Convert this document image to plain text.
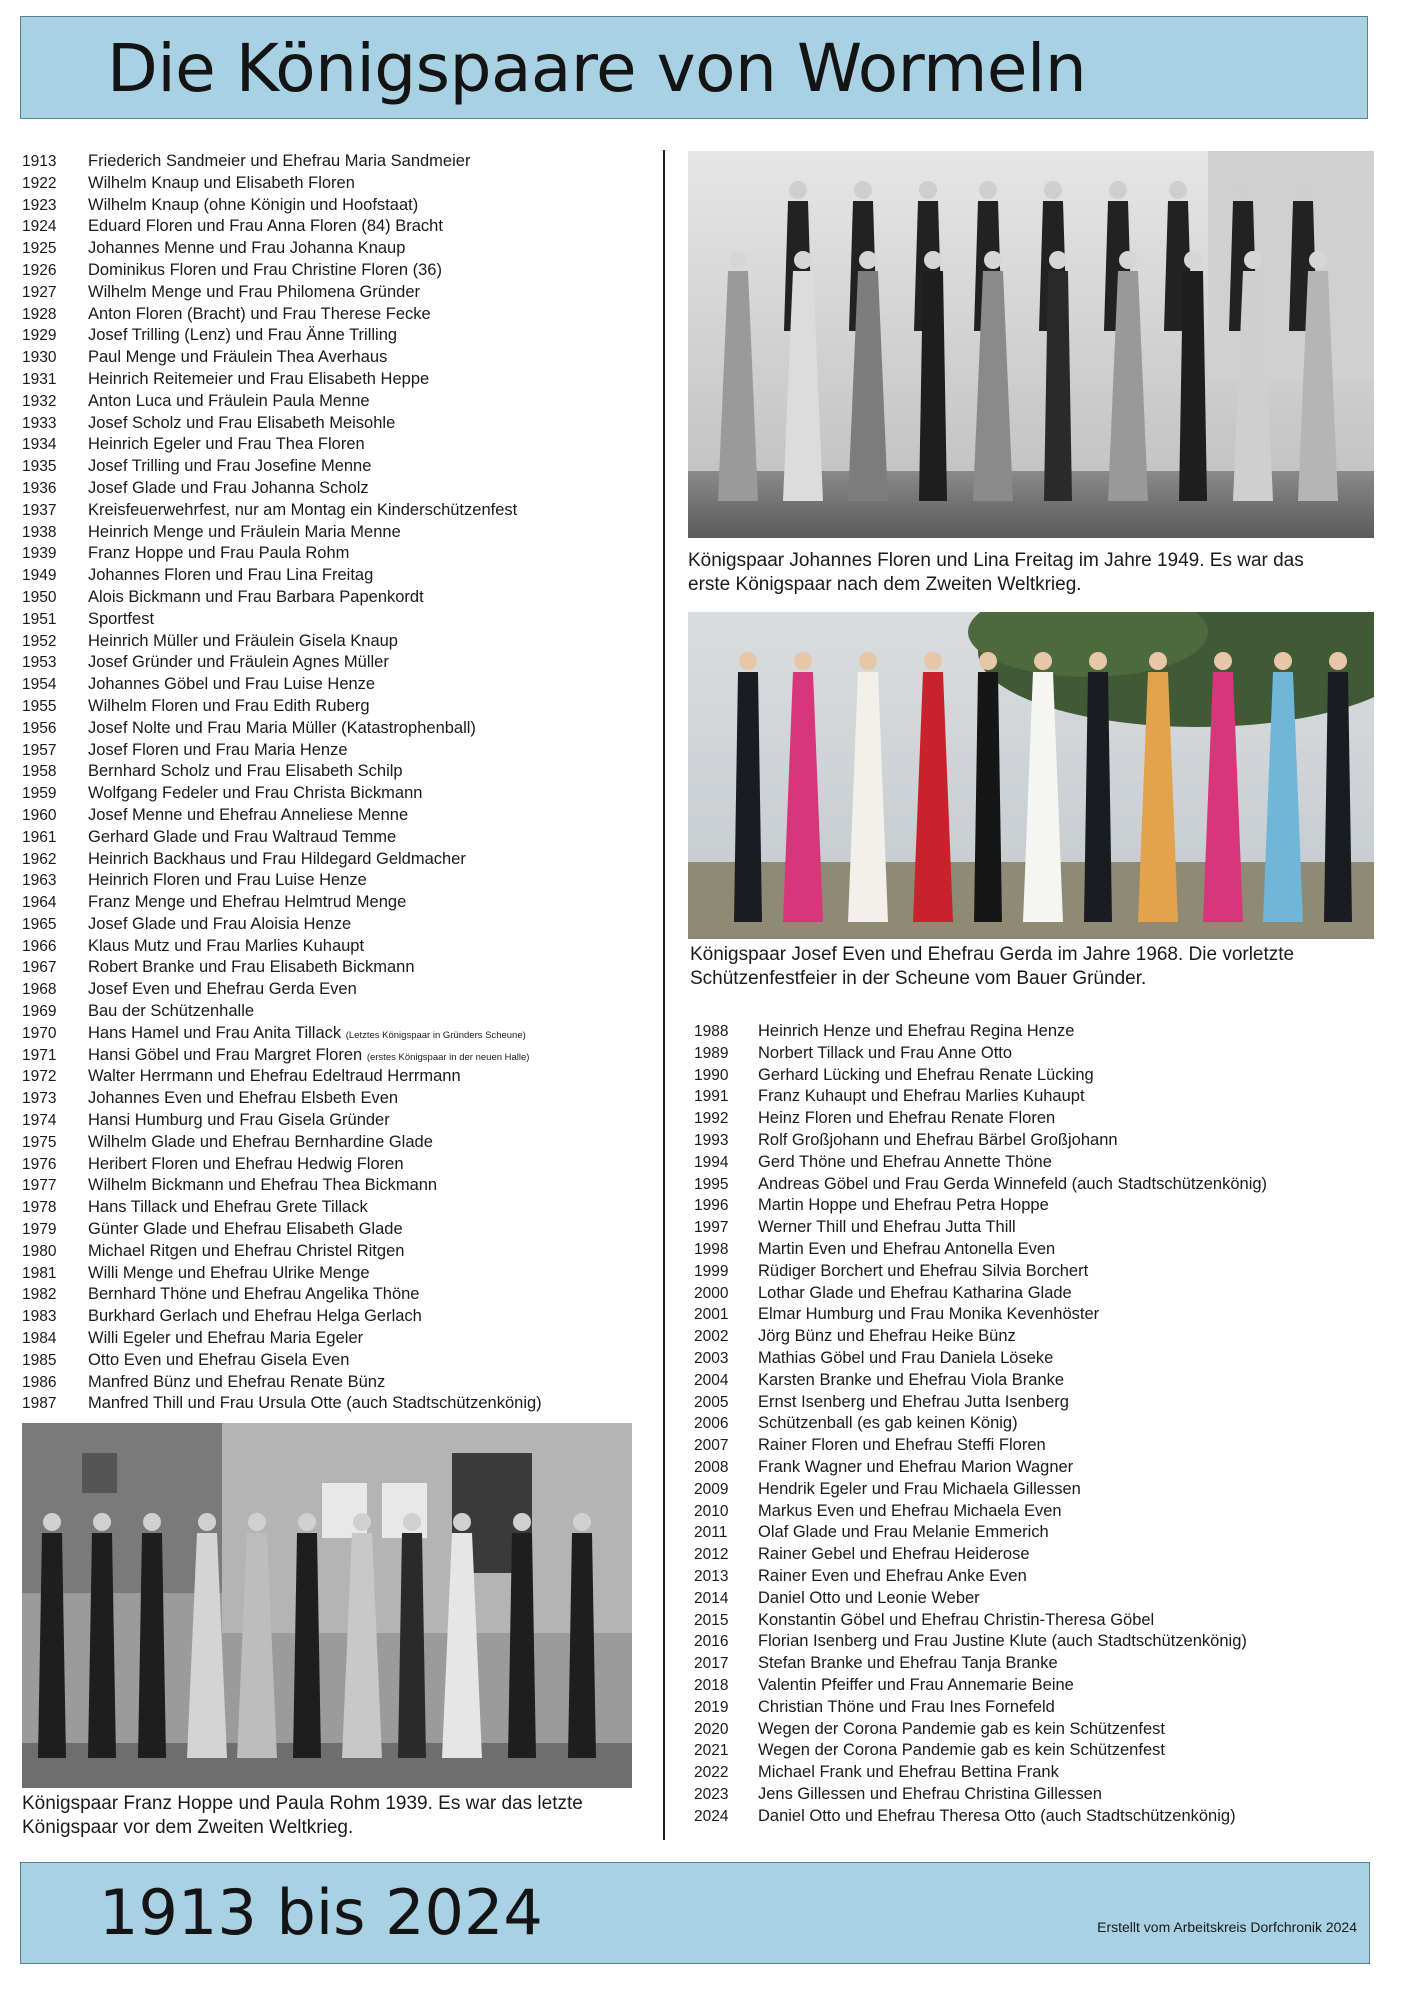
Die Königspaare von Wormeln
1913 Friederich Sandmeier und Ehefrau Maria Sandmeier
1922 Wilhelm Knaup und Elisabeth Floren
1923 Wilhelm Knaup (ohne Königin und Hoofstaat)
1924 Eduard Floren und Frau Anna Floren (84) Bracht
1925 Johannes Menne und Frau Johanna Knaup
1926 Dominikus Floren und Frau Christine Floren (36)
1927 Wilhelm Menge und Frau Philomena Gründer
1928 Anton Floren (Bracht) und Frau Therese Fecke
1929 Josef Trilling (Lenz) und Frau Änne Trilling
1930 Paul Menge und Fräulein Thea Averhaus
1931 Heinrich Reitemeier und Frau Elisabeth Heppe
1932 Anton Luca und Fräulein Paula Menne
1933 Josef Scholz und Frau Elisabeth Meisohle
1934 Heinrich Egeler und Frau Thea Floren
1935 Josef Trilling und Frau Josefine Menne
1936 Josef Glade und Frau Johanna Scholz
1937 Kreisfeuerwehrfest, nur am Montag ein Kinderschützenfest
1938 Heinrich Menge und Fräulein Maria Menne
1939 Franz Hoppe und Frau Paula Rohm
1949 Johannes Floren und Frau Lina Freitag
1950 Alois Bickmann und Frau Barbara Papenkordt
1951 Sportfest
1952 Heinrich Müller und Fräulein Gisela Knaup
1953 Josef Gründer und Fräulein Agnes Müller
1954 Johannes Göbel und Frau Luise Henze
1955 Wilhelm Floren und Frau Edith Ruberg
1956 Josef Nolte und Frau Maria Müller (Katastrophenball)
1957 Josef Floren und Frau Maria Henze
1958 Bernhard Scholz und Frau Elisabeth Schilp
1959 Wolfgang Fedeler und Frau Christa Bickmann
1960 Josef Menne und Ehefrau Anneliese Menne
1961 Gerhard Glade und Frau Waltraud Temme
1962 Heinrich Backhaus und Frau Hildegard Geldmacher
1963 Heinrich Floren und Frau Luise Henze
1964 Franz Menge und Ehefrau Helmtrud Menge
1965 Josef Glade und Frau Aloisia Henze
1966 Klaus Mutz und Frau Marlies Kuhaupt
1967 Robert Branke und Frau Elisabeth Bickmann
1968 Josef Even und Ehefrau Gerda Even
1969 Bau der Schützenhalle
1970 Hans Hamel und Frau Anita Tillack (Letztes Königspaar in Gründers Scheune)
1971 Hansi Göbel und Frau Margret Floren (erstes Königspaar in der neuen Halle)
1972 Walter Herrmann und Ehefrau Edeltraud Herrmann
1973 Johannes Even und Ehefrau Elsbeth Even
1974 Hansi Humburg und Frau Gisela Gründer
1975 Wilhelm Glade und Ehefrau Bernhardine Glade
1976 Heribert Floren und Ehefrau Hedwig Floren
1977 Wilhelm Bickmann und Ehefrau Thea Bickmann
1978 Hans Tillack und Ehefrau Grete Tillack
1979 Günter Glade und Ehefrau Elisabeth Glade
1980 Michael Ritgen und Ehefrau Christel Ritgen
1981 Willi Menge und Ehefrau Ulrike Menge
1982 Bernhard Thöne und Ehefrau Angelika Thöne
1983 Burkhard Gerlach und Ehefrau Helga Gerlach
1984 Willi Egeler und Ehefrau Maria Egeler
1985 Otto Even und Ehefrau Gisela Even
1986 Manfred Bünz und Ehefrau Renate Bünz
1987 Manfred Thill und Frau Ursula Otte (auch Stadtschützenkönig)
Königspaar Johannes Floren und Lina Freitag im Jahre 1949. Es war das
erste Königspaar nach dem Zweiten Weltkrieg.
Königspaar Josef Even und Ehefrau Gerda im Jahre 1968. Die vorletzte
Schützenfestfeier in der Scheune vom Bauer Gründer.
1988 Heinrich Henze und Ehefrau Regina Henze
1989 Norbert Tillack und Frau Anne Otto
1990 Gerhard Lücking und Ehefrau Renate Lücking
1991 Franz Kuhaupt und Ehefrau Marlies Kuhaupt
1992 Heinz Floren und Ehefrau Renate Floren
1993 Rolf Großjohann und Ehefrau Bärbel Großjohann
1994 Gerd Thöne und Ehefrau Annette Thöne
1995 Andreas Göbel und Frau Gerda Winnefeld (auch Stadtschützenkönig)
1996 Martin Hoppe und Ehefrau Petra Hoppe
1997 Werner Thill und Ehefrau Jutta Thill
1998 Martin Even und Ehefrau Antonella Even
1999 Rüdiger Borchert und Ehefrau Silvia Borchert
2000 Lothar Glade und Ehefrau Katharina Glade
2001 Elmar Humburg und Frau Monika Kevenhöster
2002 Jörg Bünz und Ehefrau Heike Bünz
2003 Mathias Göbel und Frau Daniela Löseke
2004 Karsten Branke und Ehefrau Viola Branke
2005 Ernst Isenberg und Ehefrau Jutta Isenberg
2006 Schützenball (es gab keinen König)
2007 Rainer Floren und Ehefrau Steffi Floren
2008 Frank Wagner und Ehefrau Marion Wagner
2009 Hendrik Egeler und Frau Michaela Gillessen
2010 Markus Even und Ehefrau Michaela Even
2011 Olaf Glade und Frau Melanie Emmerich
2012 Rainer Gebel und Ehefrau Heiderose
2013 Rainer Even und Ehefrau Anke Even
2014 Daniel Otto und Leonie Weber
2015 Konstantin Göbel und Ehefrau Christin-Theresa Göbel
2016 Florian Isenberg und Frau Justine Klute (auch Stadtschützenkönig)
2017 Stefan Branke und Ehefrau Tanja Branke
2018 Valentin Pfeiffer und Frau Annemarie Beine
2019 Christian Thöne und Frau Ines Fornefeld
2020 Wegen der Corona Pandemie gab es kein Schützenfest
2021 Wegen der Corona Pandemie gab es kein Schützenfest
2022 Michael Frank und Ehefrau Bettina Frank
2023 Jens Gillessen und Ehefrau Christina Gillessen
2024 Daniel Otto und Ehefrau Theresa Otto (auch Stadtschützenkönig)
Königspaar Franz Hoppe und Paula Rohm 1939. Es war das letzte
Königspaar vor dem Zweiten Weltkrieg.
1913 bis 2024	Erstellt vom Arbeitskreis Dorfchronik 2024
